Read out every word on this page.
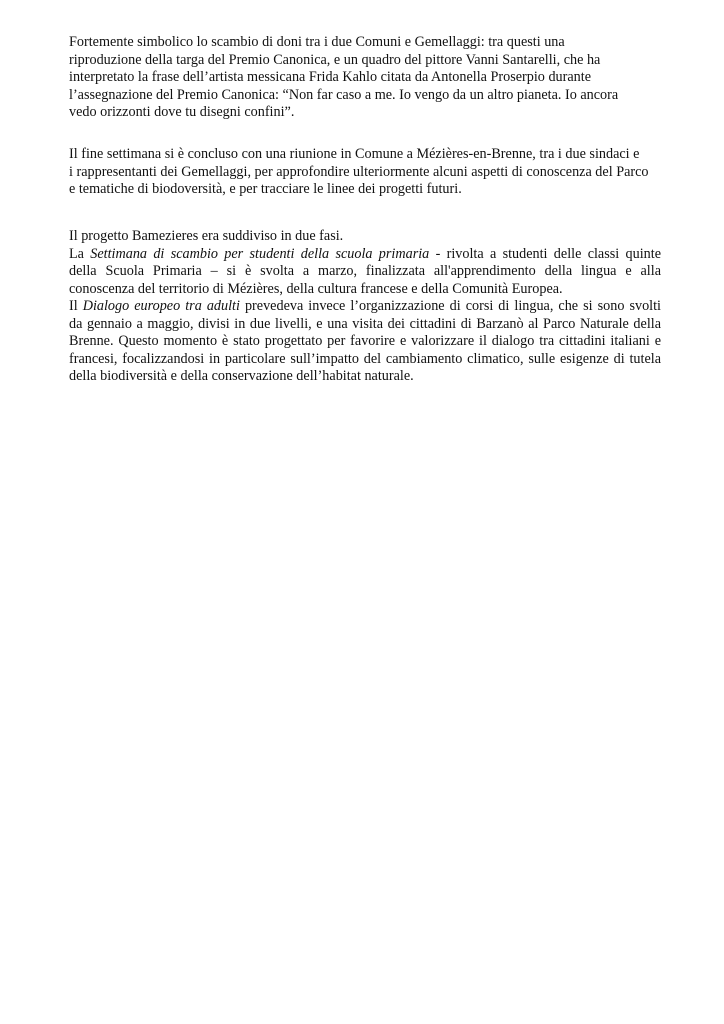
Fortemente simbolico lo scambio di doni tra i due Comuni e Gemellaggi: tra questi una
riproduzione della targa del Premio Canonica, e un quadro del pittore Vanni Santarelli, che ha
interpretato la frase dell’artista messicana Frida Kahlo citata da Antonella Proserpio durante
l’assegnazione del Premio Canonica: “Non far caso a me. Io vengo da un altro pianeta. Io ancora
vedo orizzonti dove tu disegni confini”.
Il fine settimana si è concluso con una riunione in Comune a Mézières-en-Brenne, tra i due sindaci e
i rappresentanti dei Gemellaggi, per approfondire ulteriormente alcuni aspetti di conoscenza del Parco
e tematiche di biodoversità, e per tracciare le linee dei progetti futuri.
Il progetto Bamezieres era suddiviso in due fasi.
La Settimana di scambio per studenti della scuola primaria - rivolta a studenti delle classi quinte
della Scuola Primaria – si è svolta a marzo, finalizzata all'apprendimento della lingua e alla
conoscenza del territorio di Mézières, della cultura francese e della Comunità Europea.
Il Dialogo europeo tra adulti prevedeva invece l’organizzazione di corsi di lingua, che si sono svolti
da gennaio a maggio, divisi in due livelli, e una visita dei cittadini di Barzanò al Parco Naturale della
Brenne. Questo momento è stato progettato per favorire e valorizzare il dialogo tra cittadini italiani e
francesi, focalizzandosi in particolare sull’impatto del cambiamento climatico, sulle esigenze di tutela
della biodiversità e della conservazione dell’habitat naturale.
